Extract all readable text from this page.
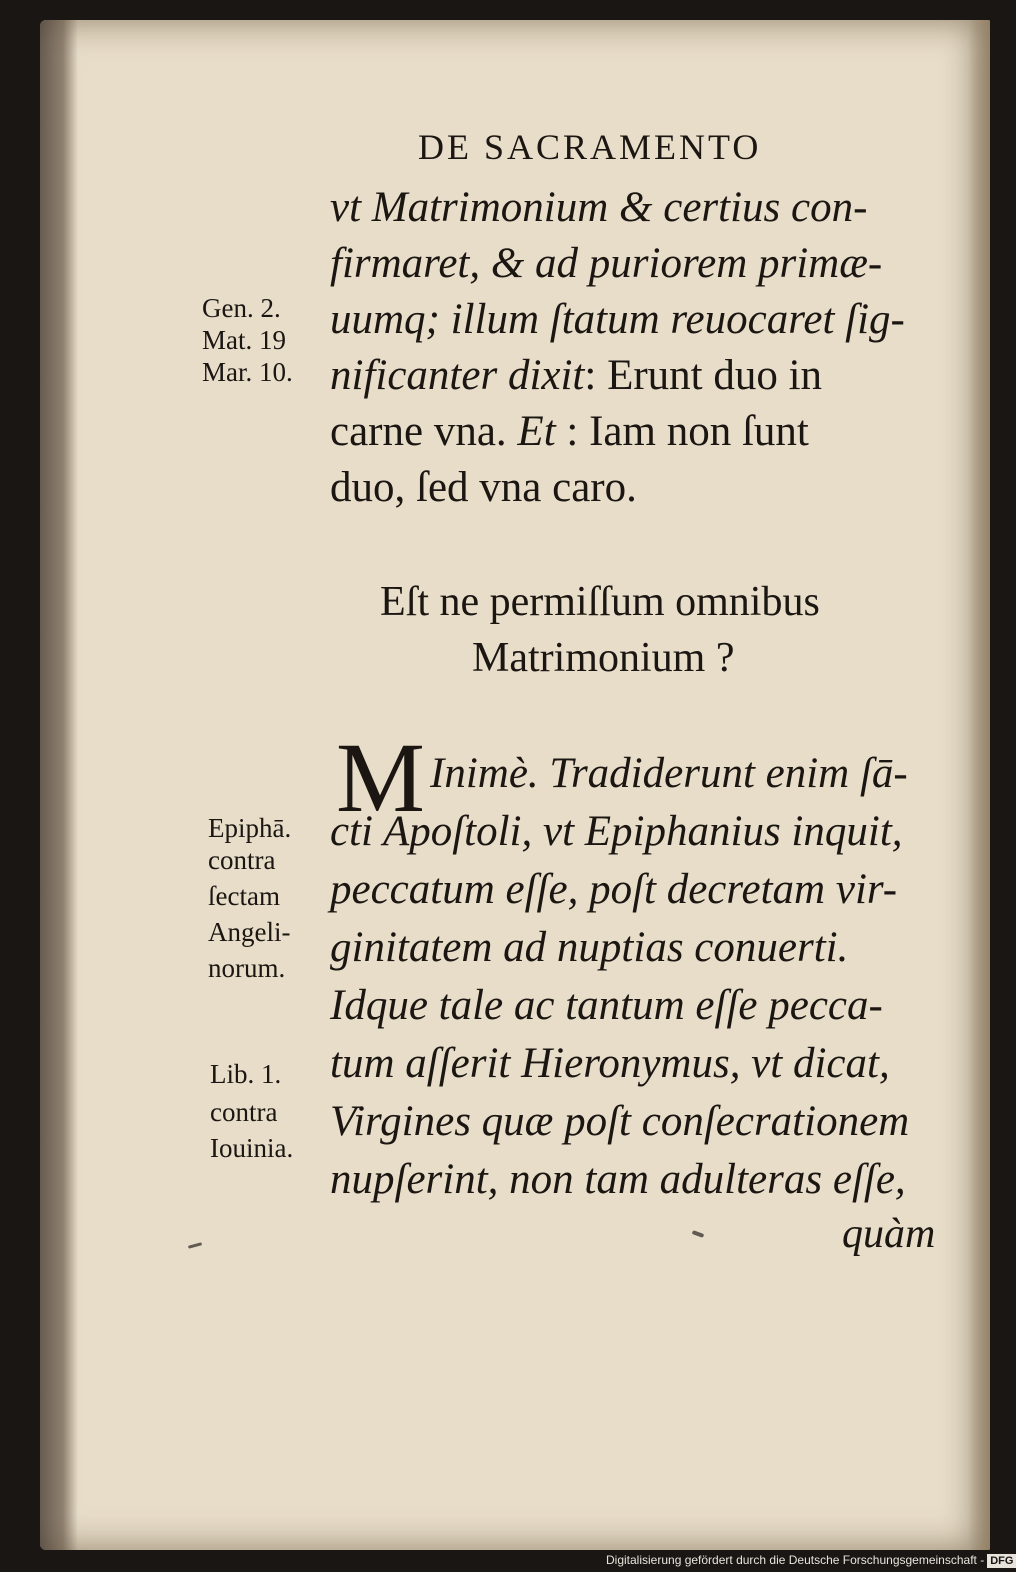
DE SACRAMENTO

vt Matrimonium & certius con-

firmaret, & ad puriorem primæ-

uumq; illum ſtatum reuocaret ſig-

nificanter dixit: Erunt duo in

carne vna. Et : Iam non ſunt

duo, ſed vna caro.

Eſt ne permiſſum omnibus

Matrimonium ?

M Inimè. Tradiderunt enim ſā-

cti Apoſtoli, vt Epiphanius inquit,

peccatum eſſe, poſt decretam vir-

ginitatem ad nuptias conuerti.

Idque tale ac tantum eſſe pecca-

tum aſſerit Hieronymus, vt dicat,

Virgines quæ poſt conſecrationem

nupſerint, non tam adulteras eſſe,

quàm

Gen. 2.

Mat. 19

Mar. 10.

Epiphā.

contra

ſectam

Angeli-

norum.

Lib. 1.

contra

Iouinia.

Digitalisierung gefördert durch die Deutsche Forschungsgemeinschaft - DFG
